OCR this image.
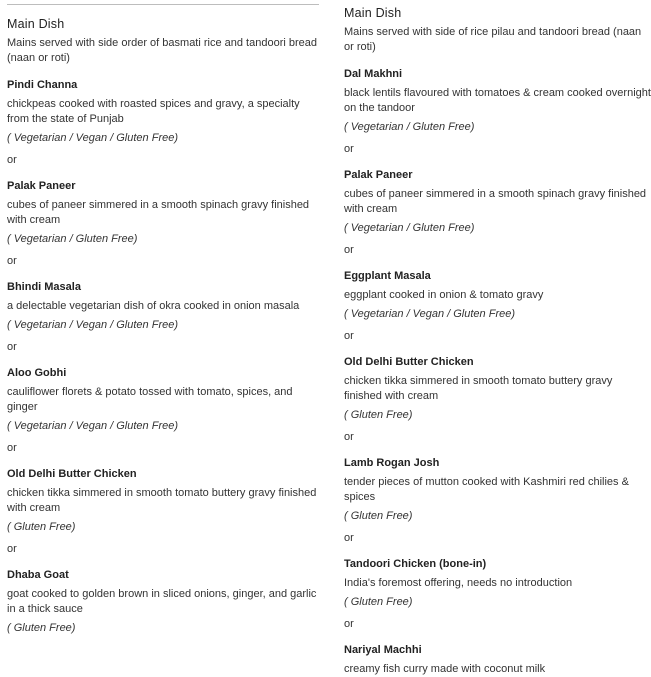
Main Dish
Mains served with side order of basmati rice and tandoori bread (naan or roti)
Pindi Channa
chickpeas cooked with roasted spices and gravy, a specialty from the state of Punjab
( Vegetarian / Vegan / Gluten Free)
or
Palak Paneer
cubes of paneer simmered in a smooth spinach gravy finished with cream
( Vegetarian / Gluten Free)
or
Bhindi Masala
a delectable vegetarian dish of okra cooked in onion masala
( Vegetarian / Vegan / Gluten Free)
or
Aloo Gobhi
cauliflower florets & potato tossed with tomato, spices, and ginger
( Vegetarian / Vegan / Gluten Free)
or
Old Delhi Butter Chicken
chicken tikka simmered in smooth tomato buttery gravy finished with cream
( Gluten Free)
or
Dhaba Goat
goat cooked to golden brown in sliced onions, ginger, and garlic in a thick sauce
( Gluten Free)
Main Dish
Mains served with side of rice pilau and tandoori bread (naan or roti)
Dal Makhni
black lentils flavoured with tomatoes & cream cooked overnight on the tandoor
( Vegetarian / Gluten Free)
or
Palak Paneer
cubes of paneer simmered in a smooth spinach gravy finished with cream
( Vegetarian / Gluten Free)
or
Eggplant Masala
eggplant cooked in onion & tomato gravy
( Vegetarian / Vegan / Gluten Free)
or
Old Delhi Butter Chicken
chicken tikka simmered in smooth tomato buttery gravy finished with cream
( Gluten Free)
or
Lamb Rogan Josh
tender pieces of mutton cooked with Kashmiri red chilies & spices
( Gluten Free)
or
Tandoori Chicken (bone-in)
India's foremost offering, needs no introduction
( Gluten Free)
or
Nariyal Machhi
creamy fish curry made with coconut milk
